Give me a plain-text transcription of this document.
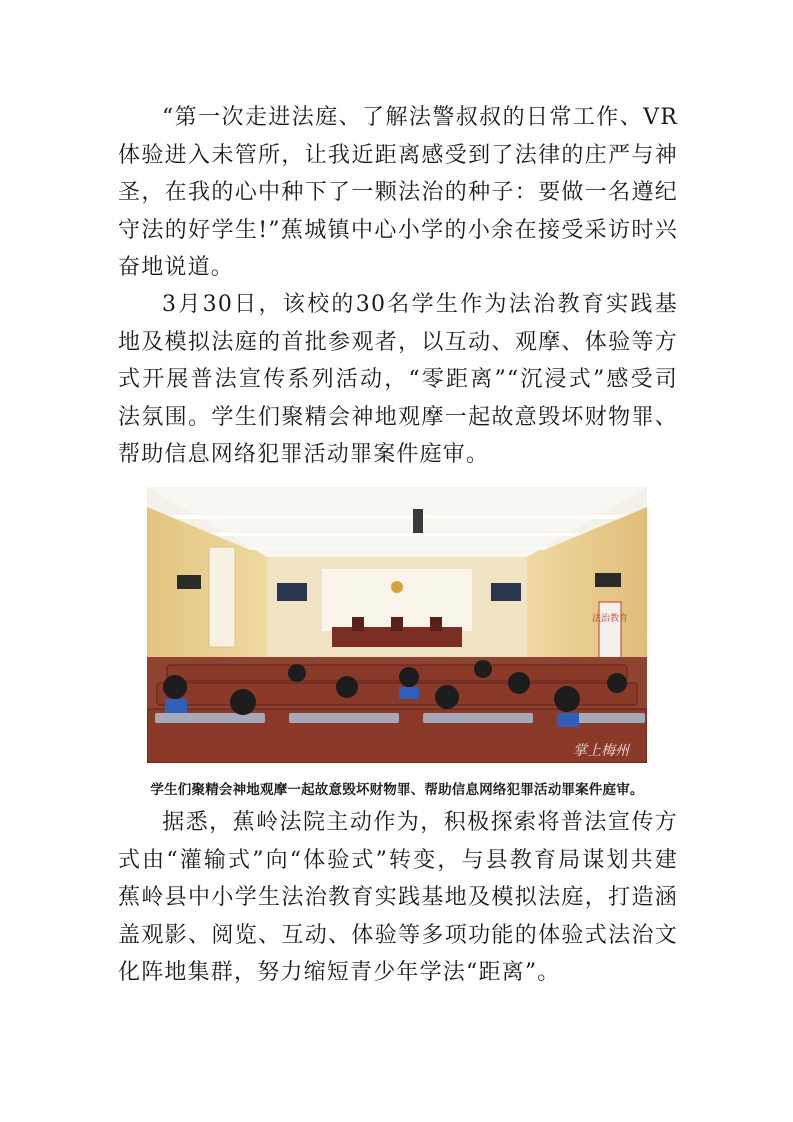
“第一次走进法庭、了解法警叔叔的日常工作、VR体验进入未管所，让我近距离感受到了法律的庄严与神圣，在我的心中种下了一颗法治的种子：要做一名遵纪守法的好学生!”蕉城镇中心小学的小余在接受采访时兴奋地说道。

3月30日，该校的30名学生作为法治教育实践基地及模拟法庭的首批参观者，以互动、观摩、体验等方式开展普法宣传系列活动，“零距离”“沉浸式”感受司法氛围。学生们聚精会神地观摩一起故意毁坏财物罪、帮助信息网络犯罪活动罪案件庭审。

法治教育
掌上梅州
学生们聚精会神地观摩一起故意毁坏财物罪、帮助信息网络犯罪活动罪案件庭审。

据悉，蕉岭法院主动作为，积极探索将普法宣传方式由“灌输式”向“体验式”转变，与县教育局谋划共建蕉岭县中小学生法治教育实践基地及模拟法庭，打造涵盖观影、阅览、互动、体验等多项功能的体验式法治文化阵地集群，努力缩短青少年学法“距离”。
